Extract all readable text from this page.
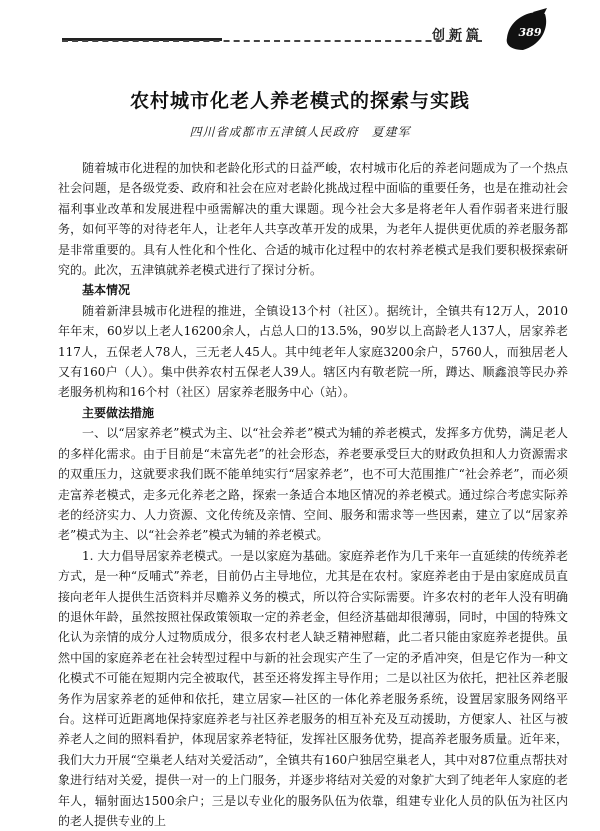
创新篇	389
农村城市化老人养老模式的探索与实践
四川省成都市五津镇人民政府　夏建军

随着城市化进程的加快和老龄化形式的日益严峻，农村城市化后的养老问题成为了一个热点社会问题，是各级党委、政府和社会在应对老龄化挑战过程中面临的重要任务，也是在推动社会福利事业改革和发展进程中亟需解决的重大课题。现今社会大多是将老年人看作弱者来进行服务，如何平等的对待老年人，让老年人共享改革开发的成果，为老年人提供更优质的养老服务都是非常重要的。具有人性化和个性化、合适的城市化过程中的农村养老模式是我们要积极探索研究的。此次，五津镇就养老模式进行了探讨分析。

基本情况

随着新津县城市化进程的推进，全镇设13个村（社区）。据统计，全镇共有12万人，2010年年末，60岁以上老人16200余人，占总人口的13.5%，90岁以上高龄老人137人，居家养老117人，五保老人78人，三无老人45人。其中纯老年人家庭3200余户，5760人，而独居老人又有160户（人）。集中供养农村五保老人39人。辖区内有敬老院一所，蹲达、顺鑫浪等民办养老服务机构和16个村（社区）居家养老服务中心（站）。

主要做法措施

一、以“居家养老”模式为主、以“社会养老”模式为辅的养老模式，发挥多方优势，满足老人的多样化需求。由于目前是“未富先老”的社会形态，养老要承受巨大的财政负担和人力资源需求的双重压力，这就要求我们既不能单纯实行“居家养老”，也不可大范围推广“社会养老”，而必须走富养老模式，走多元化养老之路，探索一条适合本地区情况的养老模式。通过综合考虑实际养老的经济实力、人力资源、文化传统及亲情、空间、服务和需求等一些因素，建立了以“居家养老”模式为主、以“社会养老”模式为辅的养老模式。

1. 大力倡导居家养老模式。一是以家庭为基础。家庭养老作为几千来年一直延续的传统养老方式，是一种“反哺式”养老，目前仍占主导地位，尤其是在农村。家庭养老由于是由家庭成员直接向老年人提供生活资料并尽赡养义务的模式，所以符合实际需要。许多农村的老年人没有明确的退休年龄，虽然按照社保政策领取一定的养老金，但经济基础却很薄弱，同时，中国的特殊文化认为亲情的成分人过物质成分，很多农村老人缺乏精神慰藉，此二者只能由家庭养老提供。虽然中国的家庭养老在社会转型过程中与新的社会现实产生了一定的矛盾冲突，但是它作为一种文化模式不可能在短期内完全被取代，甚至还将发挥主导作用；二是以社区为依托，把社区养老服务作为居家养老的延伸和依托，建立居家—社区的一体化养老服务系统，设置居家服务网络平台。这样可近距离地保持家庭养老与社区养老服务的相互补充及互动援助，方便家人、社区与被养老人之间的照料看护，体现居家养老特征，发挥社区服务优势，提高养老服务质量。近年来，我们大力开展“空巢老人结对关爱活动”，全镇共有160户独居空巢老人，其中对87位重点帮扶对象进行结对关爱，提供一对一的上门服务，并逐步将结对关爱的对象扩大到了纯老年人家庭的老年人，辐射面达1500余户；三是以专业化的服务队伍为依靠，组建专业化人员的队伍为社区内的老人提供专业的上
